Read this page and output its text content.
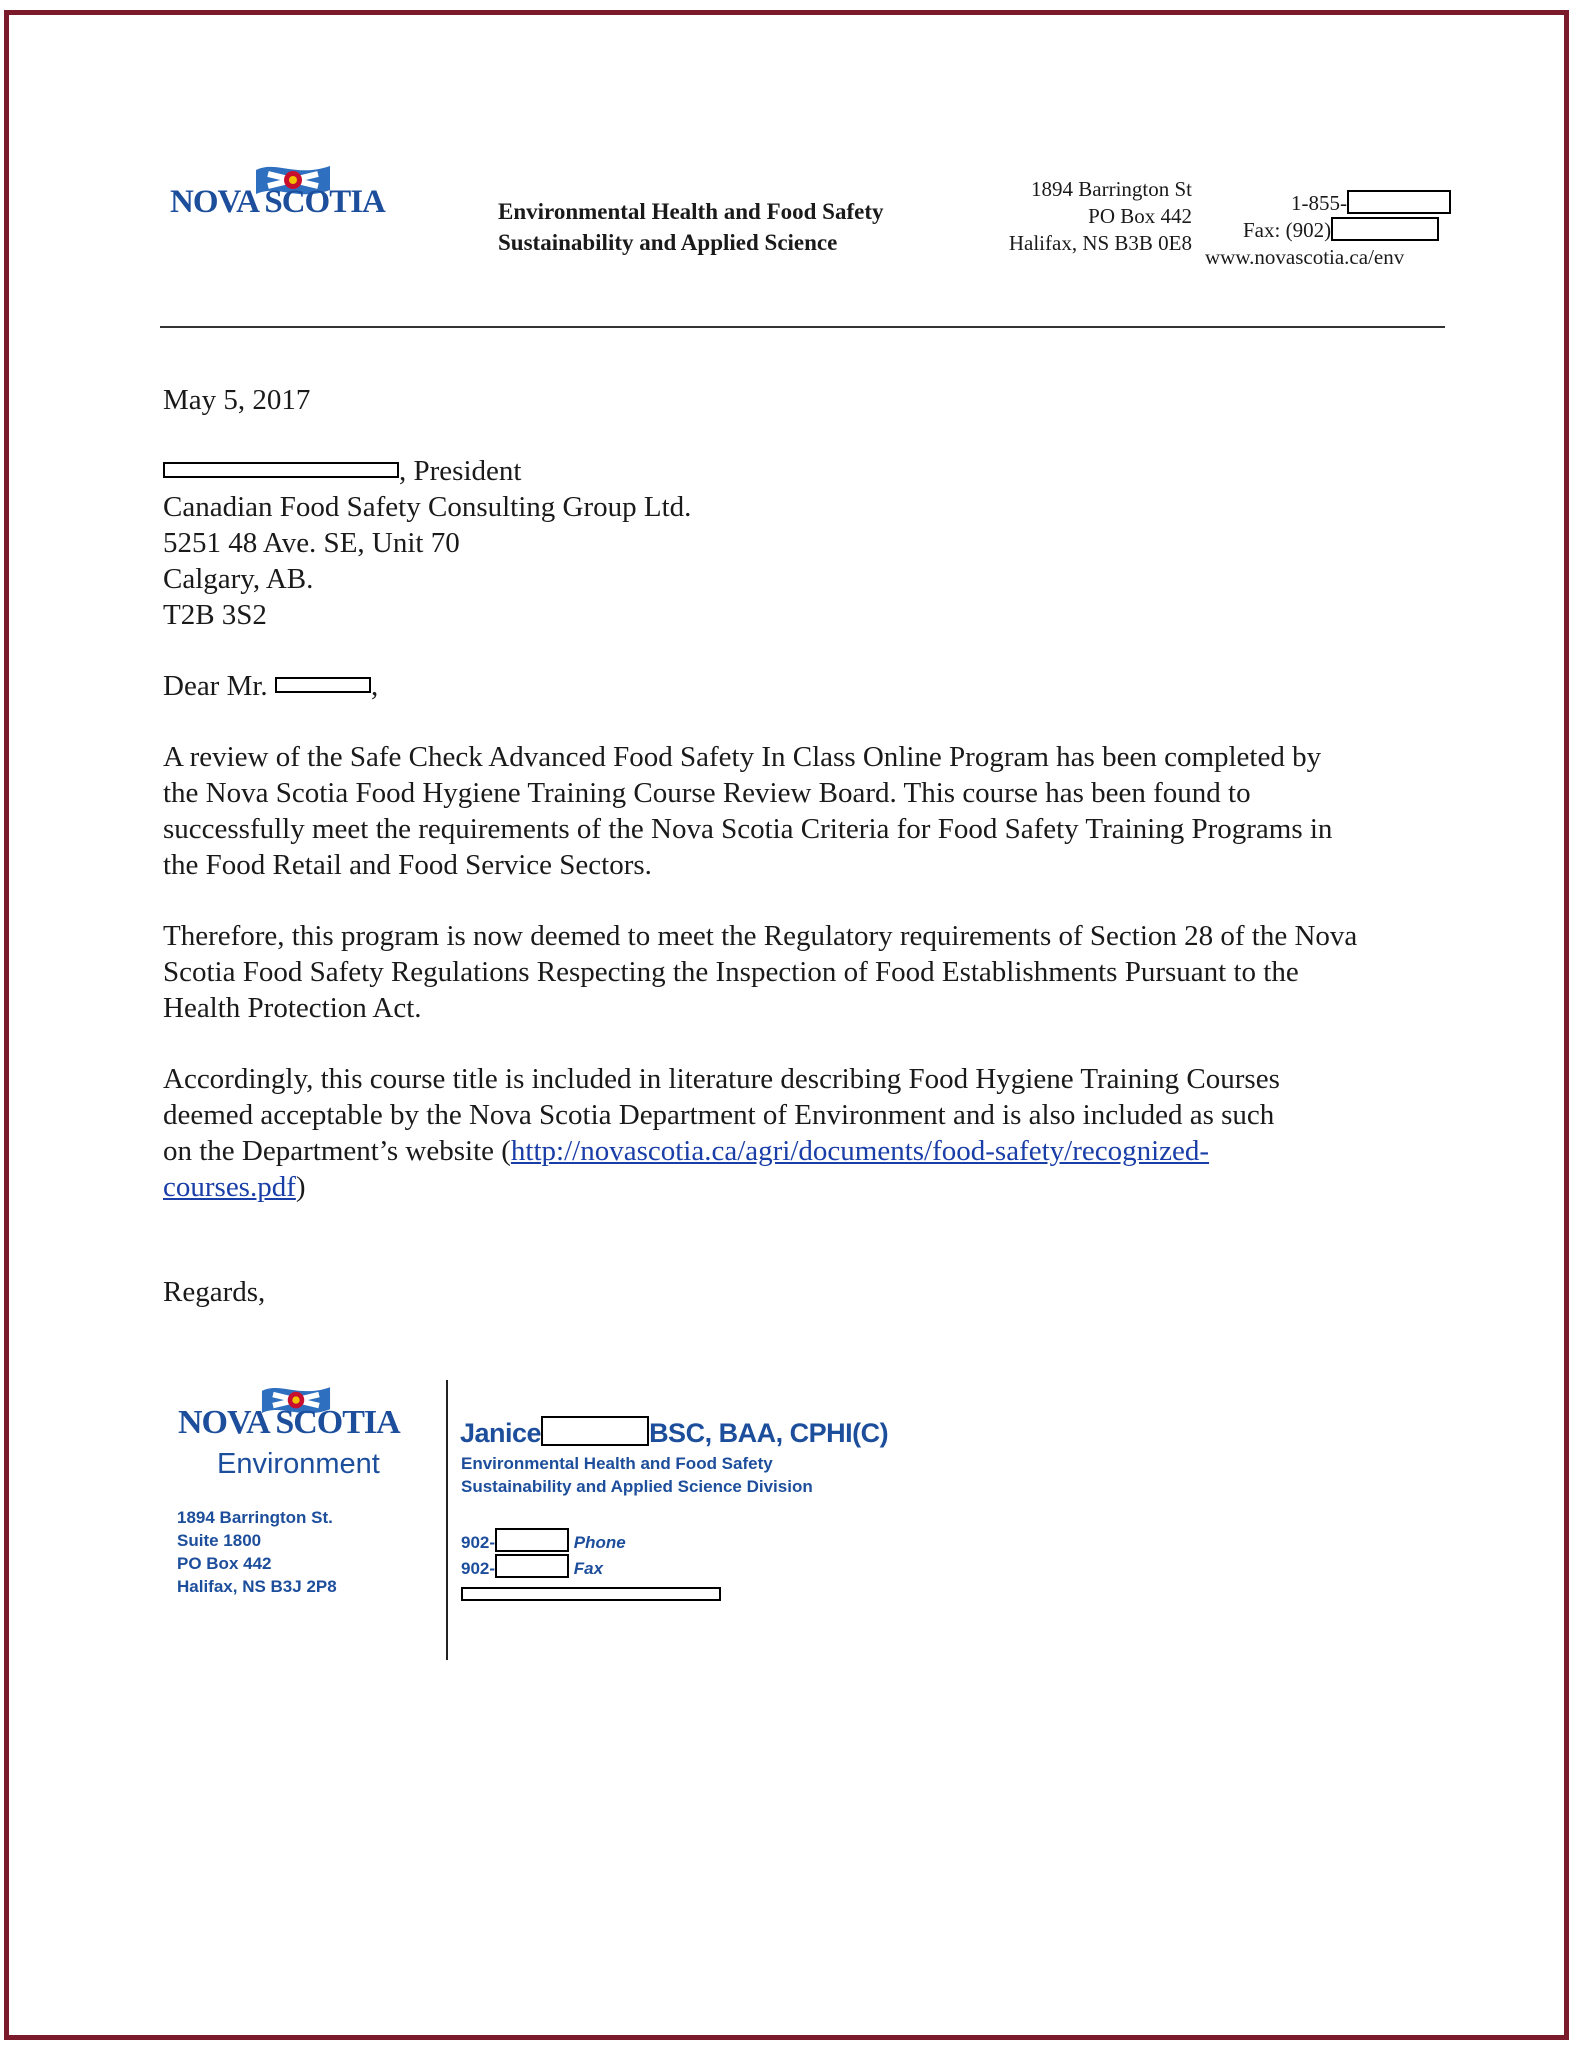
NOVA SCOTIA	Environmental Health and Food Safety
Sustainability and Applied Science
1894 Barrington St
PO Box 442
Halifax, NS B3B 0E8
1-855-
Fax: (902)
www.novascotia.ca/env
May 5, 2017
, President
Canadian Food Safety Consulting Group Ltd.
5251 48 Ave. SE, Unit 70
Calgary, AB.
T2B 3S2
Dear Mr.	,
A review of the Safe Check Advanced Food Safety In Class Online Program has been completed by the Nova Scotia Food Hygiene Training Course Review Board. This course has been found to successfully meet the requirements of the Nova Scotia Criteria for Food Safety Training Programs in the Food Retail and Food Service Sectors.
Therefore, this program is now deemed to meet the Regulatory requirements of Section 28 of the Nova Scotia Food Safety Regulations Respecting the Inspection of Food Establishments Pursuant to the Health Protection Act.
Accordingly, this course title is included in literature describing Food Hygiene Training Courses deemed acceptable by the Nova Scotia Department of Environment and is also included as such on the Department’s website (http://novascotia.ca/agri/documents/food-safety/recognized-courses.pdf)
Regards,
NOVA SCOTIA
Environment
1894 Barrington St.
Suite 1800
PO Box 442
Halifax, NS B3J 2P8
Janice	BSC, BAA, CPHI(C)
Environmental Health and Food Safety
Sustainability and Applied Science Division
902-	Phone
902-	Fax
